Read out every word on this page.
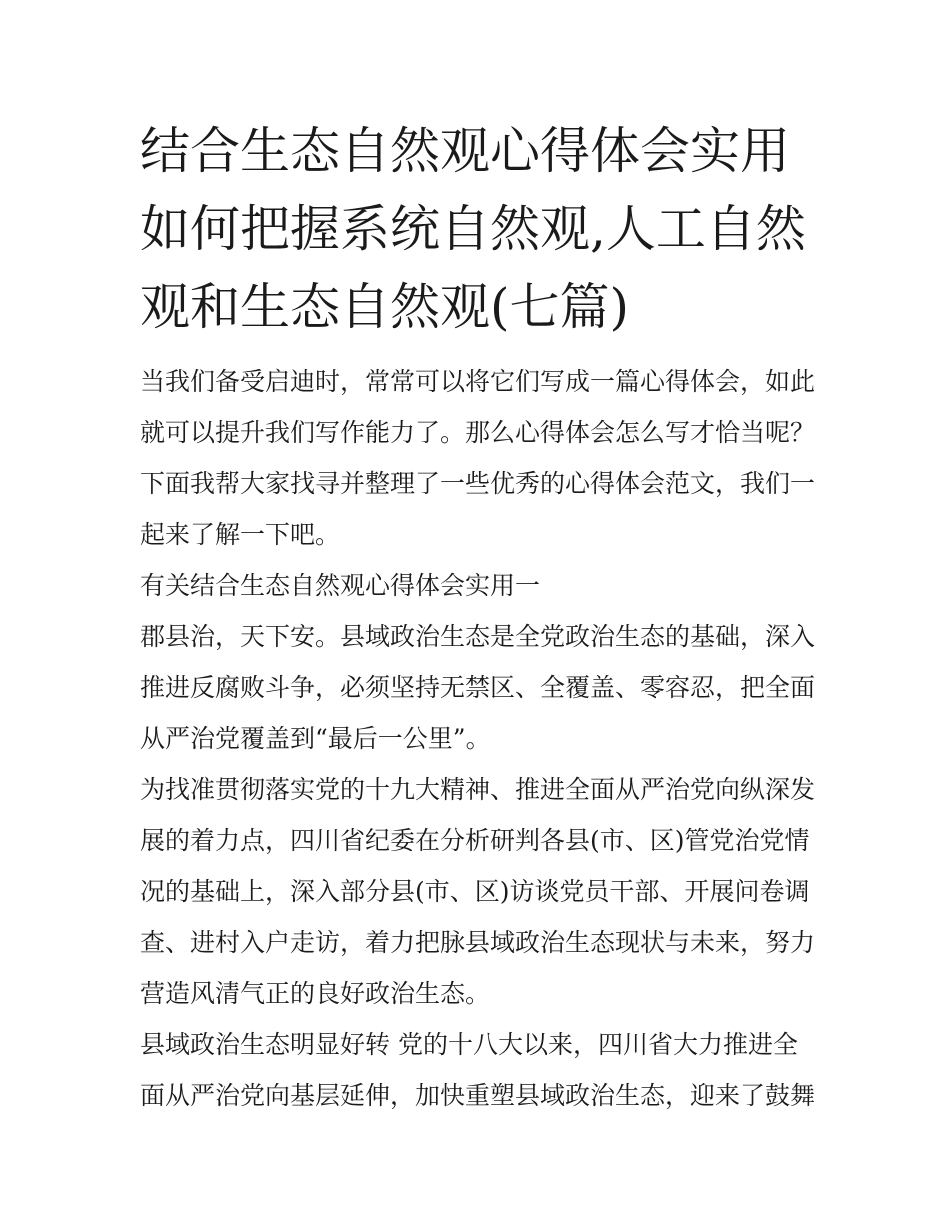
结合生态自然观心得体会实用
如何把握系统自然观,人工自然
观和生态自然观(七篇)
当我们备受启迪时，常常可以将它们写成一篇心得体会，如此
就可以提升我们写作能力了。那么心得体会怎么写才恰当呢？
下面我帮大家找寻并整理了一些优秀的心得体会范文，我们一
起来了解一下吧。
有关结合生态自然观心得体会实用一
郡县治，天下安。县域政治生态是全党政治生态的基础，深入
推进反腐败斗争，必须坚持无禁区、全覆盖、零容忍，把全面
从严治党覆盖到“最后一公里”。
为找准贯彻落实党的十九大精神、推进全面从严治党向纵深发
展的着力点，四川省纪委在分析研判各县(市、区)管党治党情
况的基础上，深入部分县(市、区)访谈党员干部、开展问卷调
查、进村入户走访，着力把脉县域政治生态现状与未来，努力
营造风清气正的良好政治生态。
县域政治生态明显好转 党的十八大以来，四川省大力推进全
面从严治党向基层延伸，加快重塑县域政治生态，迎来了鼓舞
